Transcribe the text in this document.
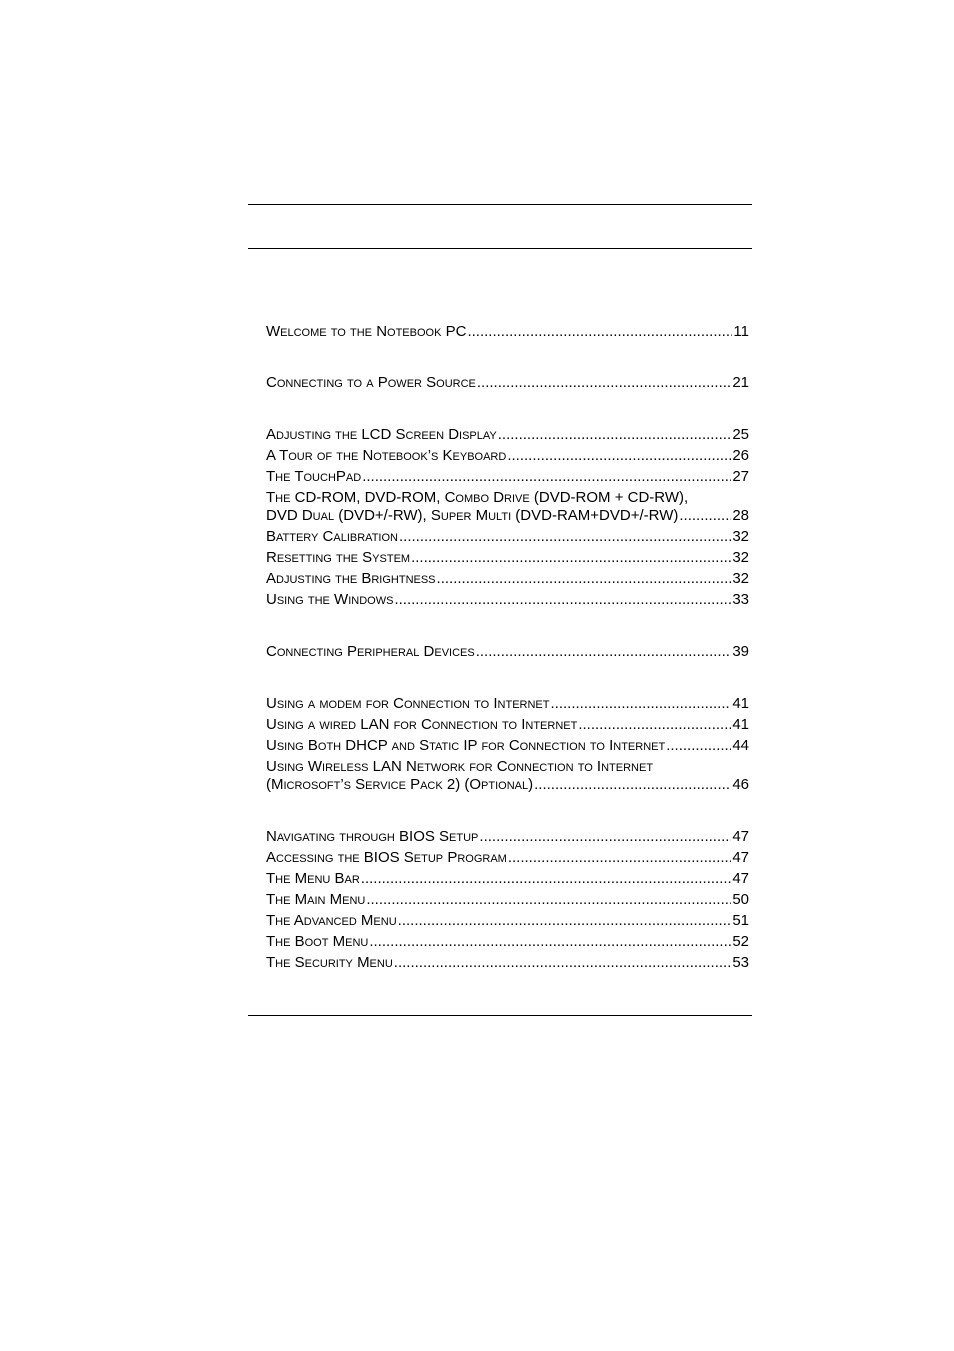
Welcome to the Notebook PC .....	11
Connecting to a Power Source .....	21
Adjusting the LCD Screen Display .....	25
A Tour of the Notebook’s Keyboard .....	26
The TouchPad .....	27
The CD-ROM, DVD-ROM, Combo Drive (DVD-ROM + CD-RW),
DVD Dual (DVD+/-RW), Super Multi (DVD-RAM+DVD+/-RW) .....	28
Battery Calibration .....	32
Resetting the System .....	32
Adjusting the Brightness .....	32
Using the Windows .....	33
Connecting Peripheral Devices .....	39
Using a modem for Connection to Internet .....	41
Using a wired LAN for Connection to Internet .....	41
Using Both DHCP and Static IP for Connection to Internet .....	44
Using Wireless LAN Network for Connection to Internet
(Microsoft’s Service Pack 2) (Optional) .....	46
Navigating through BIOS Setup .....	47
Accessing the BIOS Setup Program .....	47
The Menu Bar .....	47
The Main Menu .....	50
The Advanced Menu .....	51
The Boot Menu .....	52
The Security Menu .....	53
